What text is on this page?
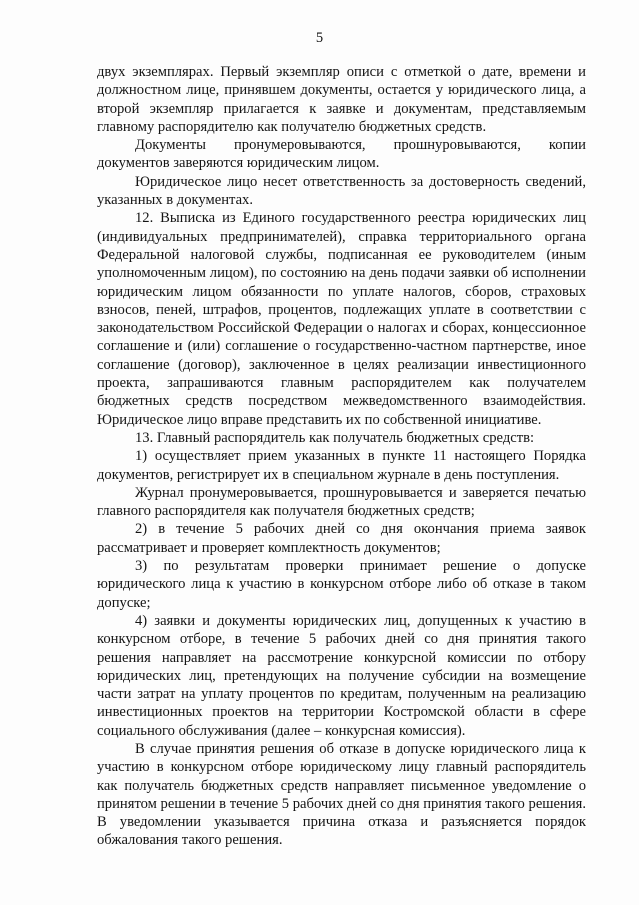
5

двух экземплярах. Первый экземпляр описи с отметкой о дате, времени и должностном лице, принявшем документы, остается у юридического лица, а второй экземпляр прилагается к заявке и документам, представляемым главному распорядителю как получателю бюджетных средств.

Документы пронумеровываются, прошнуровываются, копии документов заверяются юридическим лицом.

Юридическое лицо несет ответственность за достоверность сведений, указанных в документах.

12. Выписка из Единого государственного реестра юридических лиц (индивидуальных предпринимателей), справка территориального органа Федеральной налоговой службы, подписанная ее руководителем (иным уполномоченным лицом), по состоянию на день подачи заявки об исполнении юридическим лицом обязанности по уплате налогов, сборов, страховых взносов, пеней, штрафов, процентов, подлежащих уплате в соответствии с законодательством Российской Федерации о налогах и сборах, концессионное соглашение и (или) соглашение о государственно-частном партнерстве, иное соглашение (договор), заключенное в целях реализации инвестиционного проекта, запрашиваются главным распорядителем как получателем бюджетных средств посредством межведомственного взаимодействия. Юридическое лицо вправе представить их по собственной инициативе.

13. Главный распорядитель как получатель бюджетных средств:

1) осуществляет прием указанных в пункте 11 настоящего Порядка документов, регистрирует их в специальном журнале в день поступления.

Журнал пронумеровывается, прошнуровывается и заверяется печатью главного распорядителя как получателя бюджетных средств;

2) в течение 5 рабочих дней со дня окончания приема заявок рассматривает и проверяет комплектность документов;

3) по результатам проверки принимает решение о допуске юридического лица к участию в конкурсном отборе либо об отказе в таком допуске;

4) заявки и документы юридических лиц, допущенных к участию в конкурсном отборе, в течение 5 рабочих дней со дня принятия такого решения направляет на рассмотрение конкурсной комиссии по отбору юридических лиц, претендующих на получение субсидии на возмещение части затрат на уплату процентов по кредитам, полученным на реализацию инвестиционных проектов на территории Костромской области в сфере социального обслуживания (далее – конкурсная комиссия).

В случае принятия решения об отказе в допуске юридического лица к участию в конкурсном отборе юридическому лицу главный распорядитель как получатель бюджетных средств направляет письменное уведомление о принятом решении в течение 5 рабочих дней со дня принятия такого решения. В уведомлении указывается причина отказа и разъясняется порядок обжалования такого решения.
